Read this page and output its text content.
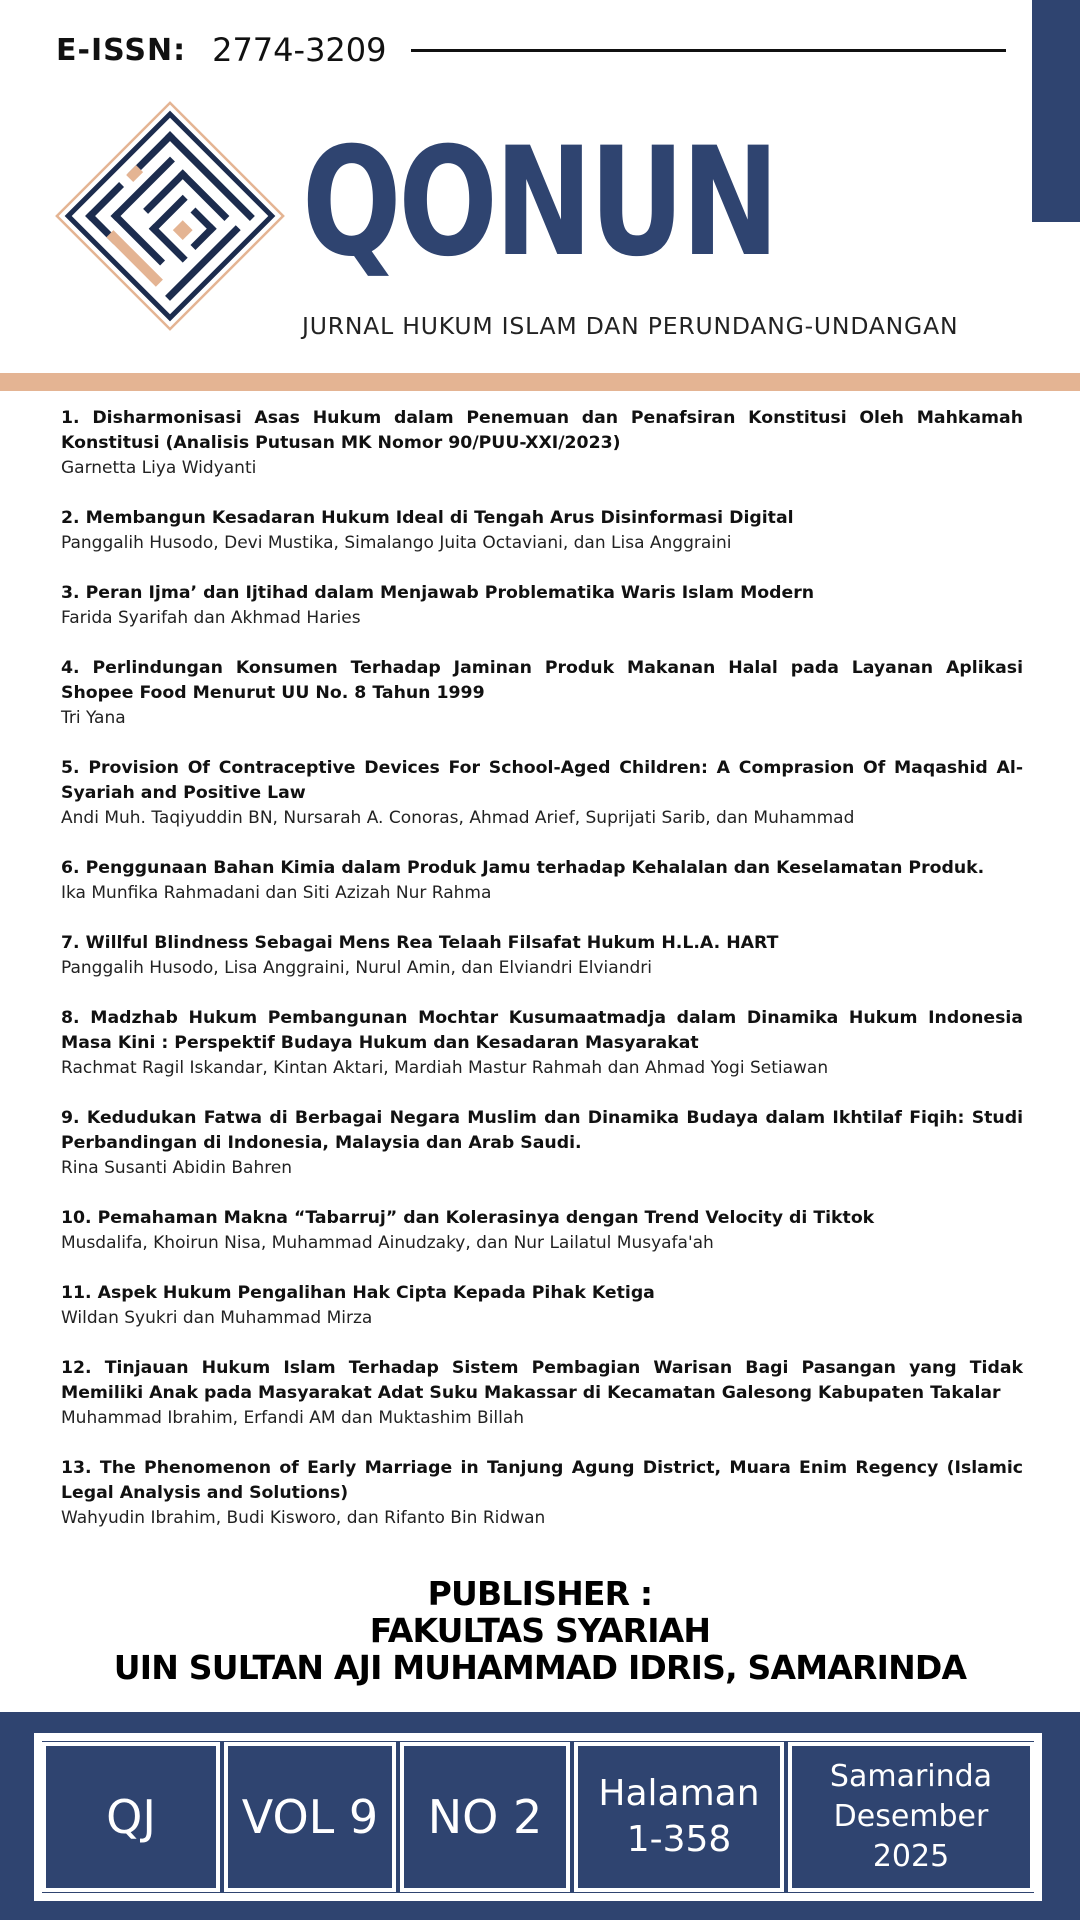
E-ISSN: 2774-3209
QONUN
JURNAL HUKUM ISLAM DAN PERUNDANG-UNDANGAN
1. Disharmonisasi Asas Hukum dalam Penemuan dan Penafsiran Konstitusi Oleh Mahkamah Konstitusi (Analisis Putusan MK Nomor 90/PUU-XXI/2023)
Garnetta Liya Widyanti
2. Membangun Kesadaran Hukum Ideal di Tengah Arus Disinformasi Digital
Panggalih Husodo, Devi Mustika, Simalango Juita Octaviani, dan Lisa Anggraini
3. Peran Ijma’ dan Ijtihad dalam Menjawab Problematika Waris Islam Modern
Farida Syarifah dan Akhmad Haries
4. Perlindungan Konsumen Terhadap Jaminan Produk Makanan Halal pada Layanan Aplikasi Shopee Food Menurut UU No. 8 Tahun 1999
Tri Yana
5. Provision Of Contraceptive Devices For School-Aged Children: A Comprasion Of Maqashid Al-Syariah and Positive Law
Andi Muh. Taqiyuddin BN, Nursarah A. Conoras, Ahmad Arief, Suprijati Sarib, dan Muhammad
6. Penggunaan Bahan Kimia dalam Produk Jamu terhadap Kehalalan dan Keselamatan Produk.
Ika Munfika Rahmadani dan Siti Azizah Nur Rahma
7. Willful Blindness Sebagai Mens Rea Telaah Filsafat Hukum H.L.A. HART
Panggalih Husodo, Lisa Anggraini, Nurul Amin, dan Elviandri Elviandri
8. Madzhab Hukum Pembangunan Mochtar Kusumaatmadja dalam Dinamika Hukum Indonesia Masa Kini : Perspektif Budaya Hukum dan Kesadaran Masyarakat
Rachmat Ragil Iskandar, Kintan Aktari, Mardiah Mastur Rahmah dan Ahmad Yogi Setiawan
9. Kedudukan Fatwa di Berbagai Negara Muslim dan Dinamika Budaya dalam Ikhtilaf Fiqih: Studi Perbandingan di Indonesia, Malaysia dan Arab Saudi.
Rina Susanti Abidin Bahren
10. Pemahaman Makna “Tabarruj” dan Kolerasinya dengan Trend Velocity di Tiktok
Musdalifa, Khoirun Nisa, Muhammad Ainudzaky, dan Nur Lailatul Musyafa'ah
11. Aspek Hukum Pengalihan Hak Cipta Kepada Pihak Ketiga
Wildan Syukri dan Muhammad Mirza
12. Tinjauan Hukum Islam Terhadap Sistem Pembagian Warisan Bagi Pasangan yang Tidak Memiliki Anak pada Masyarakat Adat Suku Makassar di Kecamatan Galesong Kabupaten Takalar
Muhammad Ibrahim, Erfandi AM dan Muktashim Billah
13. The Phenomenon of Early Marriage in Tanjung Agung District, Muara Enim Regency (Islamic Legal Analysis and Solutions)
Wahyudin Ibrahim, Budi Kisworo, dan Rifanto Bin Ridwan
PUBLISHER :
FAKULTAS SYARIAH
UIN SULTAN AJI MUHAMMAD IDRIS, SAMARINDA
QJ VOL 9 NO 2 Halaman
1-358
Samarinda
Desember 2025
